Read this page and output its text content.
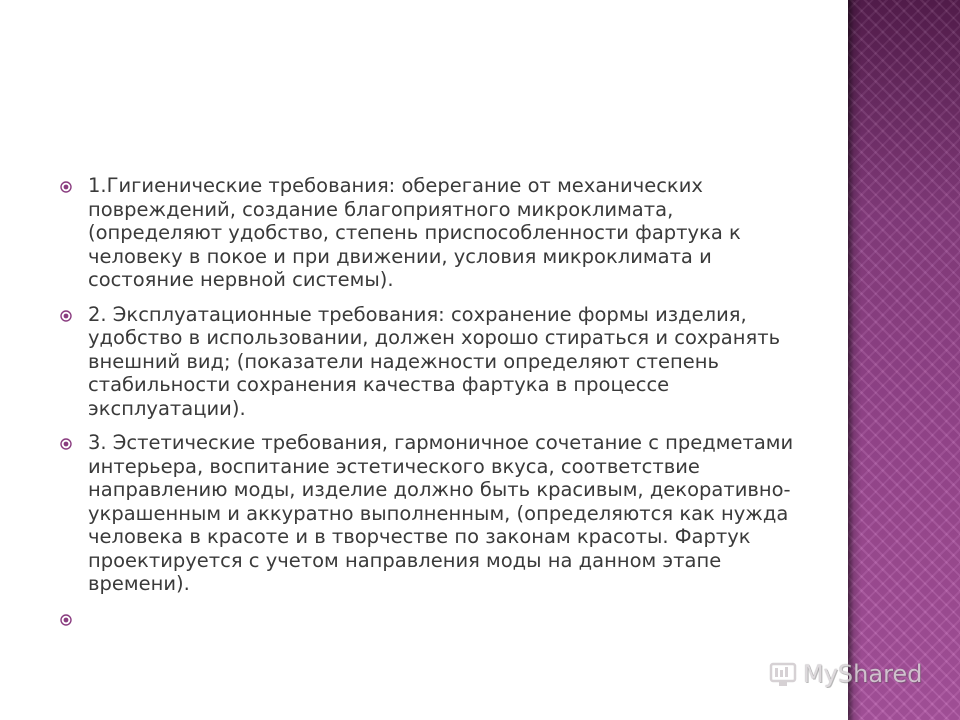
1.Гигиенические требования: оберегание от механических повреждений, создание благоприятного микроклимата, (определяют удобство, степень приспособленности фартука к человеку в покое и при движении, условия микроклимата и состояние нервной системы).
2. Эксплуатационные требования: сохранение формы изделия, удобство в использовании, должен хорошо стираться и сохранять внешний вид; (показатели надежности определяют степень стабильности сохранения качества фартука в процессе эксплуатации).
3. Эстетические требования, гармоничное сочетание с предметами интерьера, воспитание эстетического вкуса, соответствие направлению моды, изделие должно быть красивым, декоративно-украшенным и аккуратно выполненным, (определяются как нужда человека в красоте и в творчестве по законам красоты. Фартук проектируется с учетом направления моды на данном этапе времени).
MyShared
